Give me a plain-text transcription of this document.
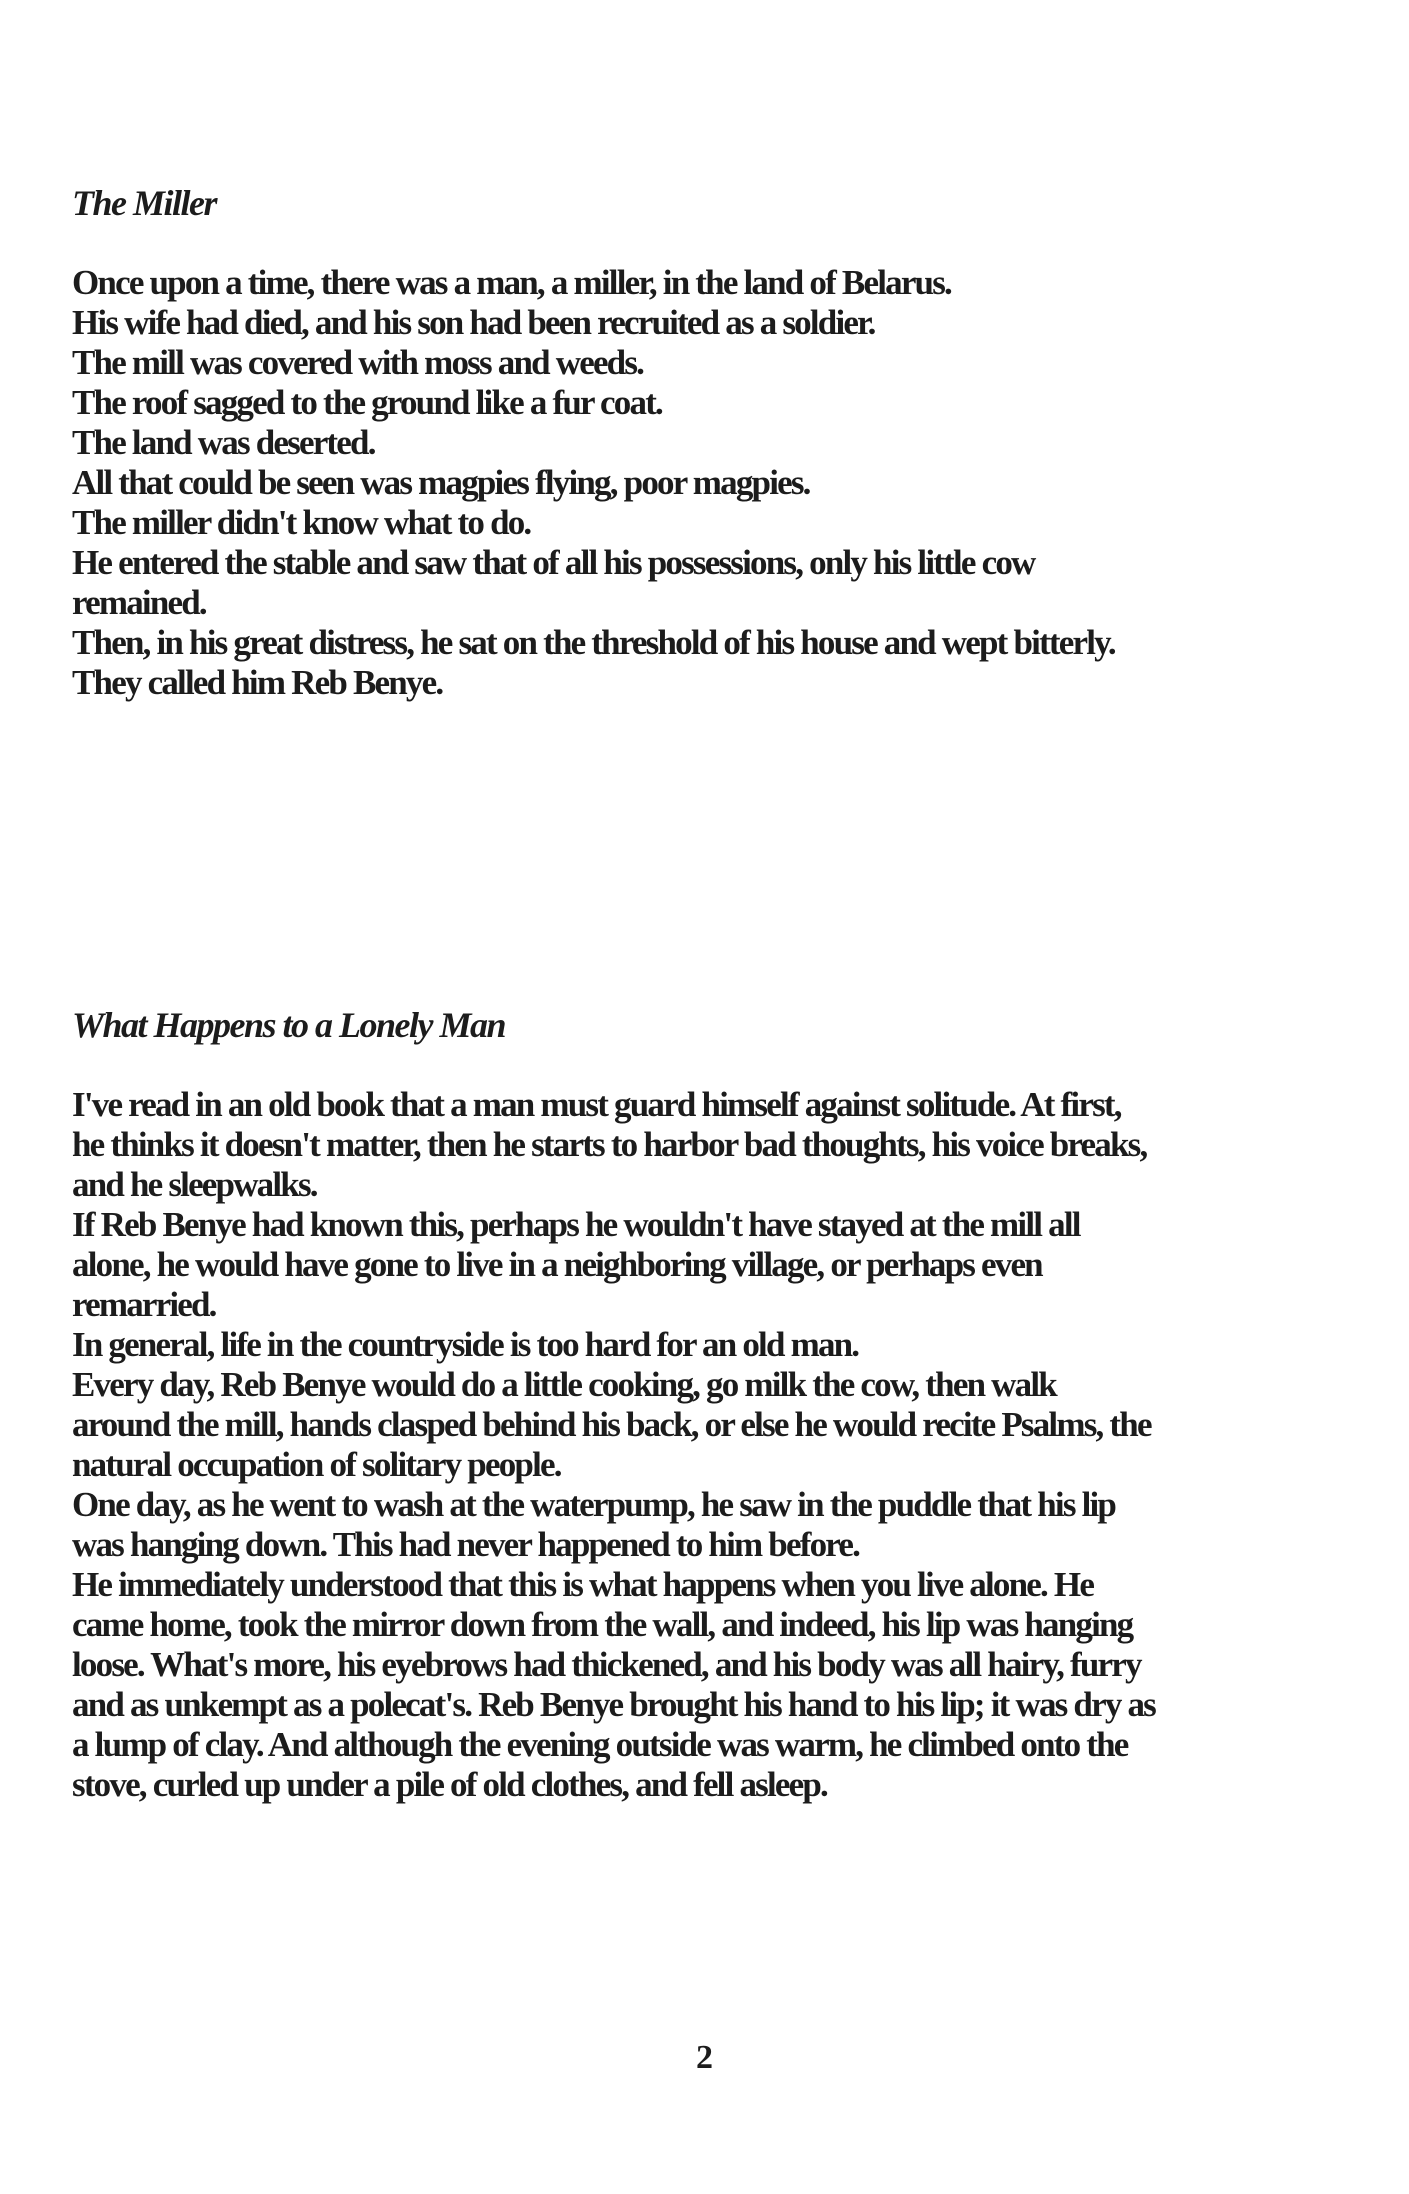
The Miller
Once upon a time, there was a man, a miller, in the land of Belarus.
His wife had died, and his son had been recruited as a soldier.
The mill was covered with moss and weeds.
The roof sagged to the ground like a fur coat.
The land was deserted.
All that could be seen was magpies flying, poor magpies.
The miller didn't know what to do.
He entered the stable and saw that of all his possessions, only his little cow
remained.
Then, in his great distress, he sat on the threshold of his house and wept bitterly.
They called him Reb Benye.
What Happens to a Lonely Man
I've read in an old book that a man must guard himself against solitude. At first,
he thinks it doesn't matter, then he starts to harbor bad thoughts, his voice breaks,
and he sleepwalks.
If Reb Benye had known this, perhaps he wouldn't have stayed at the mill all
alone, he would have gone to live in a neighboring village, or perhaps even
remarried.
In general, life in the countryside is too hard for an old man.
Every day, Reb Benye would do a little cooking, go milk the cow, then walk
around the mill, hands clasped behind his back, or else he would recite Psalms, the
natural occupation of solitary people.
One day, as he went to wash at the waterpump, he saw in the puddle that his lip
was hanging down. This had never happened to him before.
He immediately understood that this is what happens when you live alone. He
came home, took the mirror down from the wall, and indeed, his lip was hanging
loose. What's more, his eyebrows had thickened, and his body was all hairy, furry
and as unkempt as a polecat's. Reb Benye brought his hand to his lip; it was dry as
a lump of clay. And although the evening outside was warm, he climbed onto the
stove, curled up under a pile of old clothes, and fell asleep.
2
